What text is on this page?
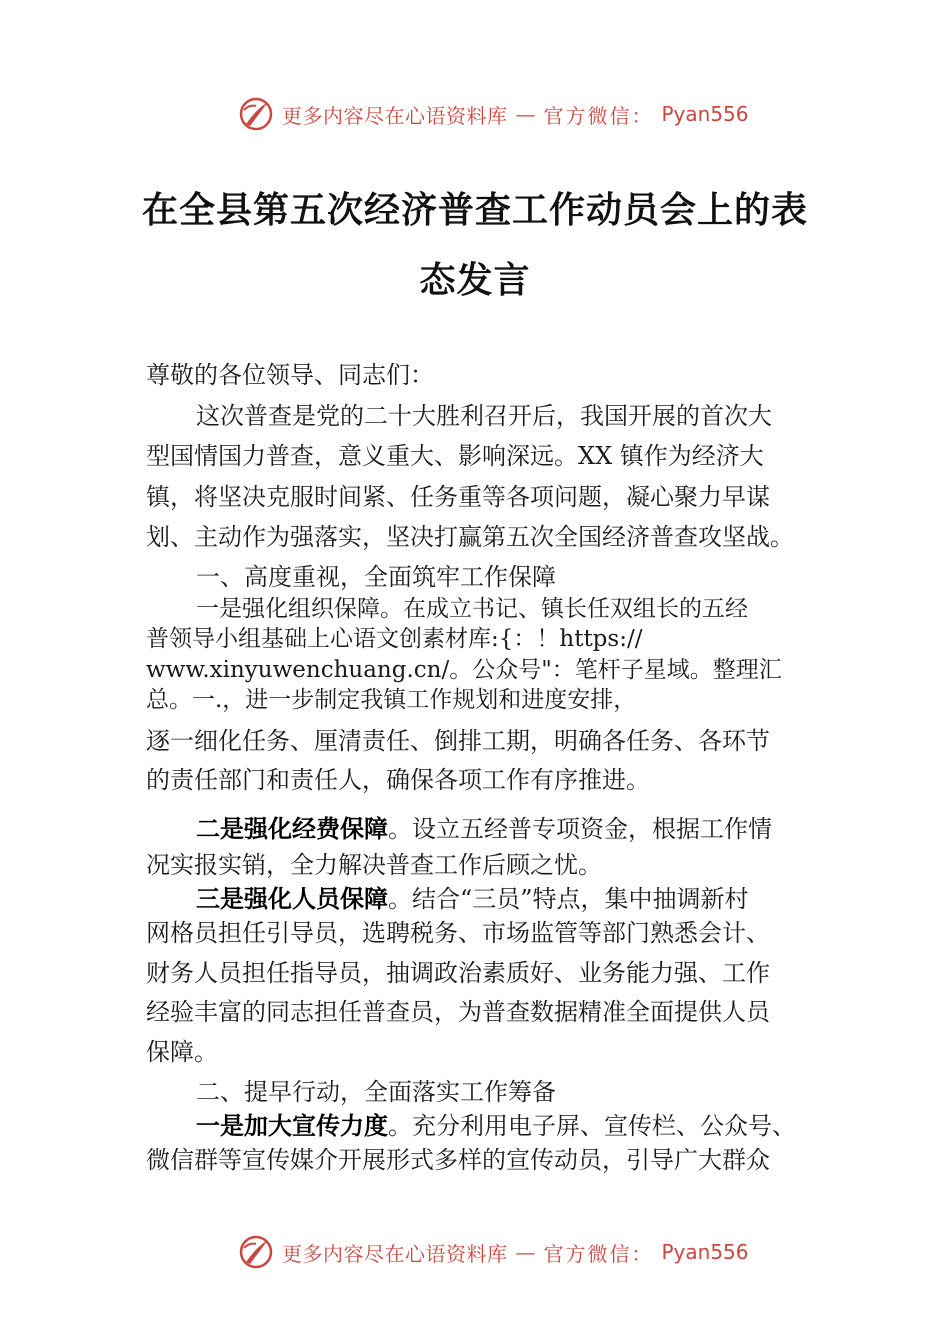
更多内容尽在心语资料库 — 官方微信： Pyan556
在全县第五次经济普查工作动员会上的表
态发言
尊敬的各位领导、同志们：
这次普查是党的二十大胜利召开后，我国开展的首次大
型国情国力普查，意义重大、影响深远。XX 镇作为经济大
镇，将坚决克服时间紧、任务重等各项问题，凝心聚力早谋
划、主动作为强落实，坚决打赢第五次全国经济普查攻坚战。
一、高度重视，全面筑牢工作保障
一是强化组织保障。在成立书记、镇长任双组长的五经
普领导小组基础上心语文创素材库:{：！https://
www.xinyuwenchuang.cn/。公众号"：笔杆子星域。整理汇
总。一.，进一步制定我镇工作规划和进度安排，
逐一细化任务、厘清责任、倒排工期，明确各任务、各环节
的责任部门和责任人，确保各项工作有序推进。
二是强化经费保障。设立五经普专项资金，根据工作情
况实报实销，全力解决普查工作后顾之忧。
三是强化人员保障。结合“三员”特点，集中抽调新村
网格员担任引导员，选聘税务、市场监管等部门熟悉会计、
财务人员担任指导员，抽调政治素质好、业务能力强、工作
经验丰富的同志担任普查员，为普查数据精准全面提供人员
保障。
二、提早行动，全面落实工作筹备
一是加大宣传力度。充分利用电子屏、宣传栏、公众号、
微信群等宣传媒介开展形式多样的宣传动员，引导广大群众
更多内容尽在心语资料库 — 官方微信： Pyan556
